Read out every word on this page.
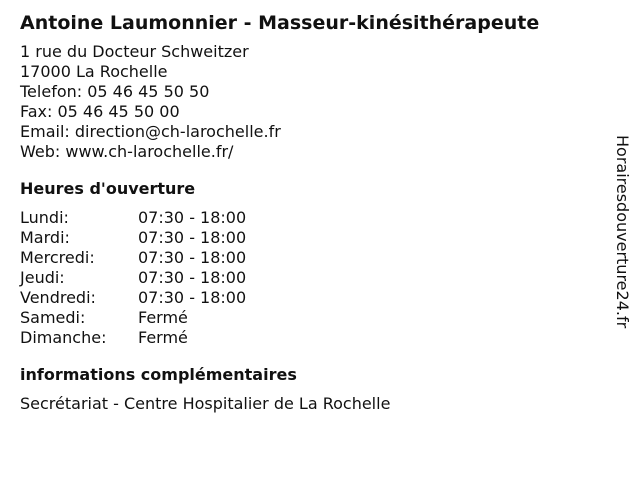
Antoine Laumonnier - Masseur-kinésithérapeute
1 rue du Docteur Schweitzer
17000 La Rochelle
Telefon: 05 46 45 50 50
Fax: 05 46 45 50 00
Email: direction@ch-larochelle.fr
Web: www.ch-larochelle.fr/
Heures d'ouverture
Lundi:	07:30 - 18:00
Mardi:	07:30 - 18:00
Mercredi:	07:30 - 18:00
Jeudi:	07:30 - 18:00
Vendredi:	07:30 - 18:00
Samedi:	Fermé
Dimanche:	Fermé
informations complémentaires
Secrétariat - Centre Hospitalier de La Rochelle
Horairesdouverture24.fr
